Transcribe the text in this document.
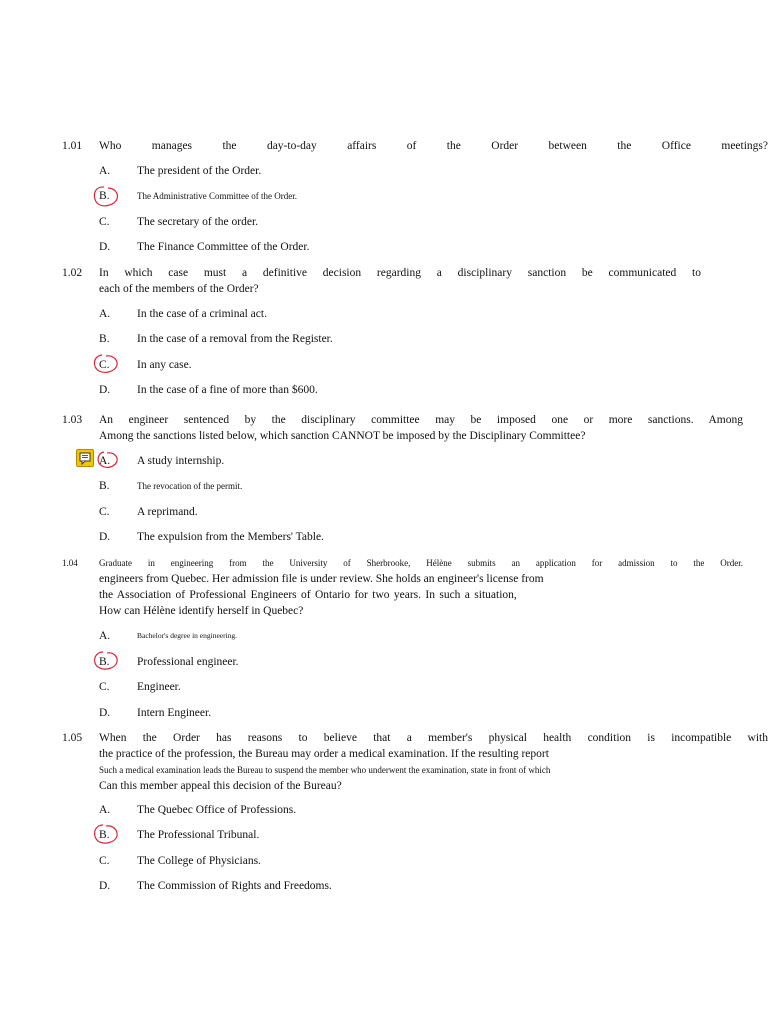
1.01 Who manages the day-to-day affairs of the Order between the Office meetings?
A. The president of the Order.
B.	The Administrative Committee of the Order.
C. The secretary of the order.
D. The Finance Committee of the Order.
1.02 In which case must a definitive decision regarding a disciplinary sanction be communicated to
each of the members of the Order?
A. In the case of a criminal act.
B. In the case of a removal from the Register.
C. In any case.
D. In the case of a fine of more than $600.
1.03 An engineer sentenced by the disciplinary committee may be imposed one or more sanctions. Among
Among the sanctions listed below, which sanction CANNOT be imposed by the Disciplinary Committee?
A. A study internship.
B.	The revocation of the permit.
C. A reprimand.
D. The expulsion from the Members' Table.
1.04 Graduate in engineering from the University of Sherbrooke, Hélène submits an application for admission to the Order.
engineers from Quebec. Her admission file is under review. She holds an engineer's license from
the Association of Professional Engineers of Ontario for two years. In such a situation,
How can Hélène identify herself in Quebec?
A.	Bachelor's degree in engineering.
B. Professional engineer.
C. Engineer.
D. Intern Engineer.
1.05 When the Order has reasons to believe that a member's physical health condition is incompatible with
the practice of the profession, the Bureau may order a medical examination. If the resulting report
Such a medical examination leads the Bureau to suspend the member who underwent the examination, state in front of which
Can this member appeal this decision of the Bureau?
A. The Quebec Office of Professions.
B. The Professional Tribunal.
C. The College of Physicians.
D. The Commission of Rights and Freedoms.
